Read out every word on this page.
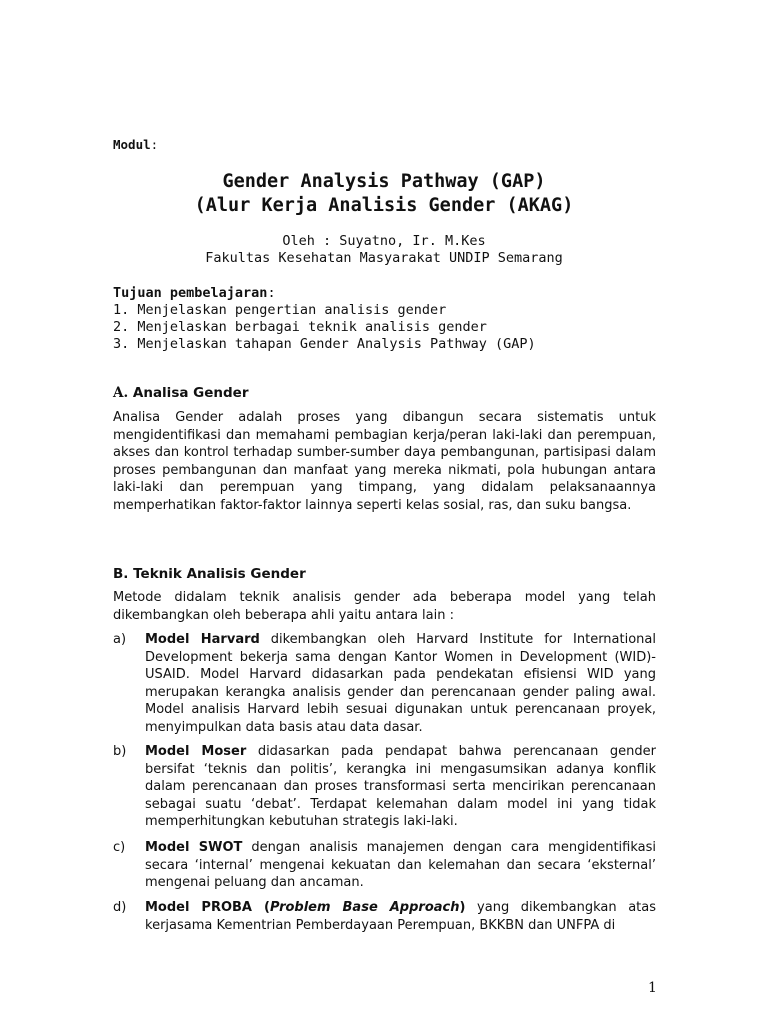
Modul:
Gender Analysis Pathway (GAP)
(Alur Kerja Analisis Gender (AKAG)
Oleh : Suyatno, Ir. M.Kes
Fakultas Kesehatan Masyarakat UNDIP Semarang
Tujuan pembelajaran:
1. Menjelaskan pengertian analisis gender
2. Menjelaskan berbagai teknik analisis gender
3. Menjelaskan tahapan Gender Analysis Pathway (GAP)
A. Analisa Gender
Analisa Gender adalah proses yang dibangun secara sistematis untuk mengidentifikasi dan memahami pembagian kerja/peran laki-laki dan perempuan, akses dan kontrol terhadap sumber-sumber daya pembangunan, partisipasi dalam proses pembangunan dan manfaat yang mereka nikmati, pola hubungan antara laki-laki dan perempuan yang timpang, yang didalam pelaksanaannya memperhatikan faktor-faktor lainnya seperti kelas sosial, ras, dan suku bangsa.
B. Teknik Analisis Gender
Metode didalam teknik analisis gender ada beberapa model yang telah dikembangkan oleh beberapa ahli yaitu antara lain :
a)	Model Harvard dikembangkan oleh Harvard Institute for International Development bekerja sama dengan Kantor Women in Development (WID)-USAID. Model Harvard didasarkan pada pendekatan efisiensi WID yang merupakan kerangka analisis gender dan perencanaan gender paling awal. Model analisis Harvard lebih sesuai digunakan untuk perencanaan proyek, menyimpulkan data basis atau data dasar.
b)	Model Moser didasarkan pada pendapat bahwa perencanaan gender bersifat ‘teknis dan politis’, kerangka ini mengasumsikan adanya konflik dalam perencanaan dan proses transformasi serta mencirikan perencanaan sebagai suatu ‘debat’. Terdapat kelemahan dalam model ini yang tidak memperhitungkan kebutuhan strategis laki-laki.
c)	Model SWOT dengan analisis manajemen dengan cara mengidentifikasi secara ‘internal’ mengenai kekuatan dan kelemahan dan secara ‘eksternal’ mengenai peluang dan ancaman.
d)	Model PROBA (Problem Base Approach) yang dikembangkan atas kerjasama Kementrian Pemberdayaan Perempuan, BKKBN dan UNFPA di
1
